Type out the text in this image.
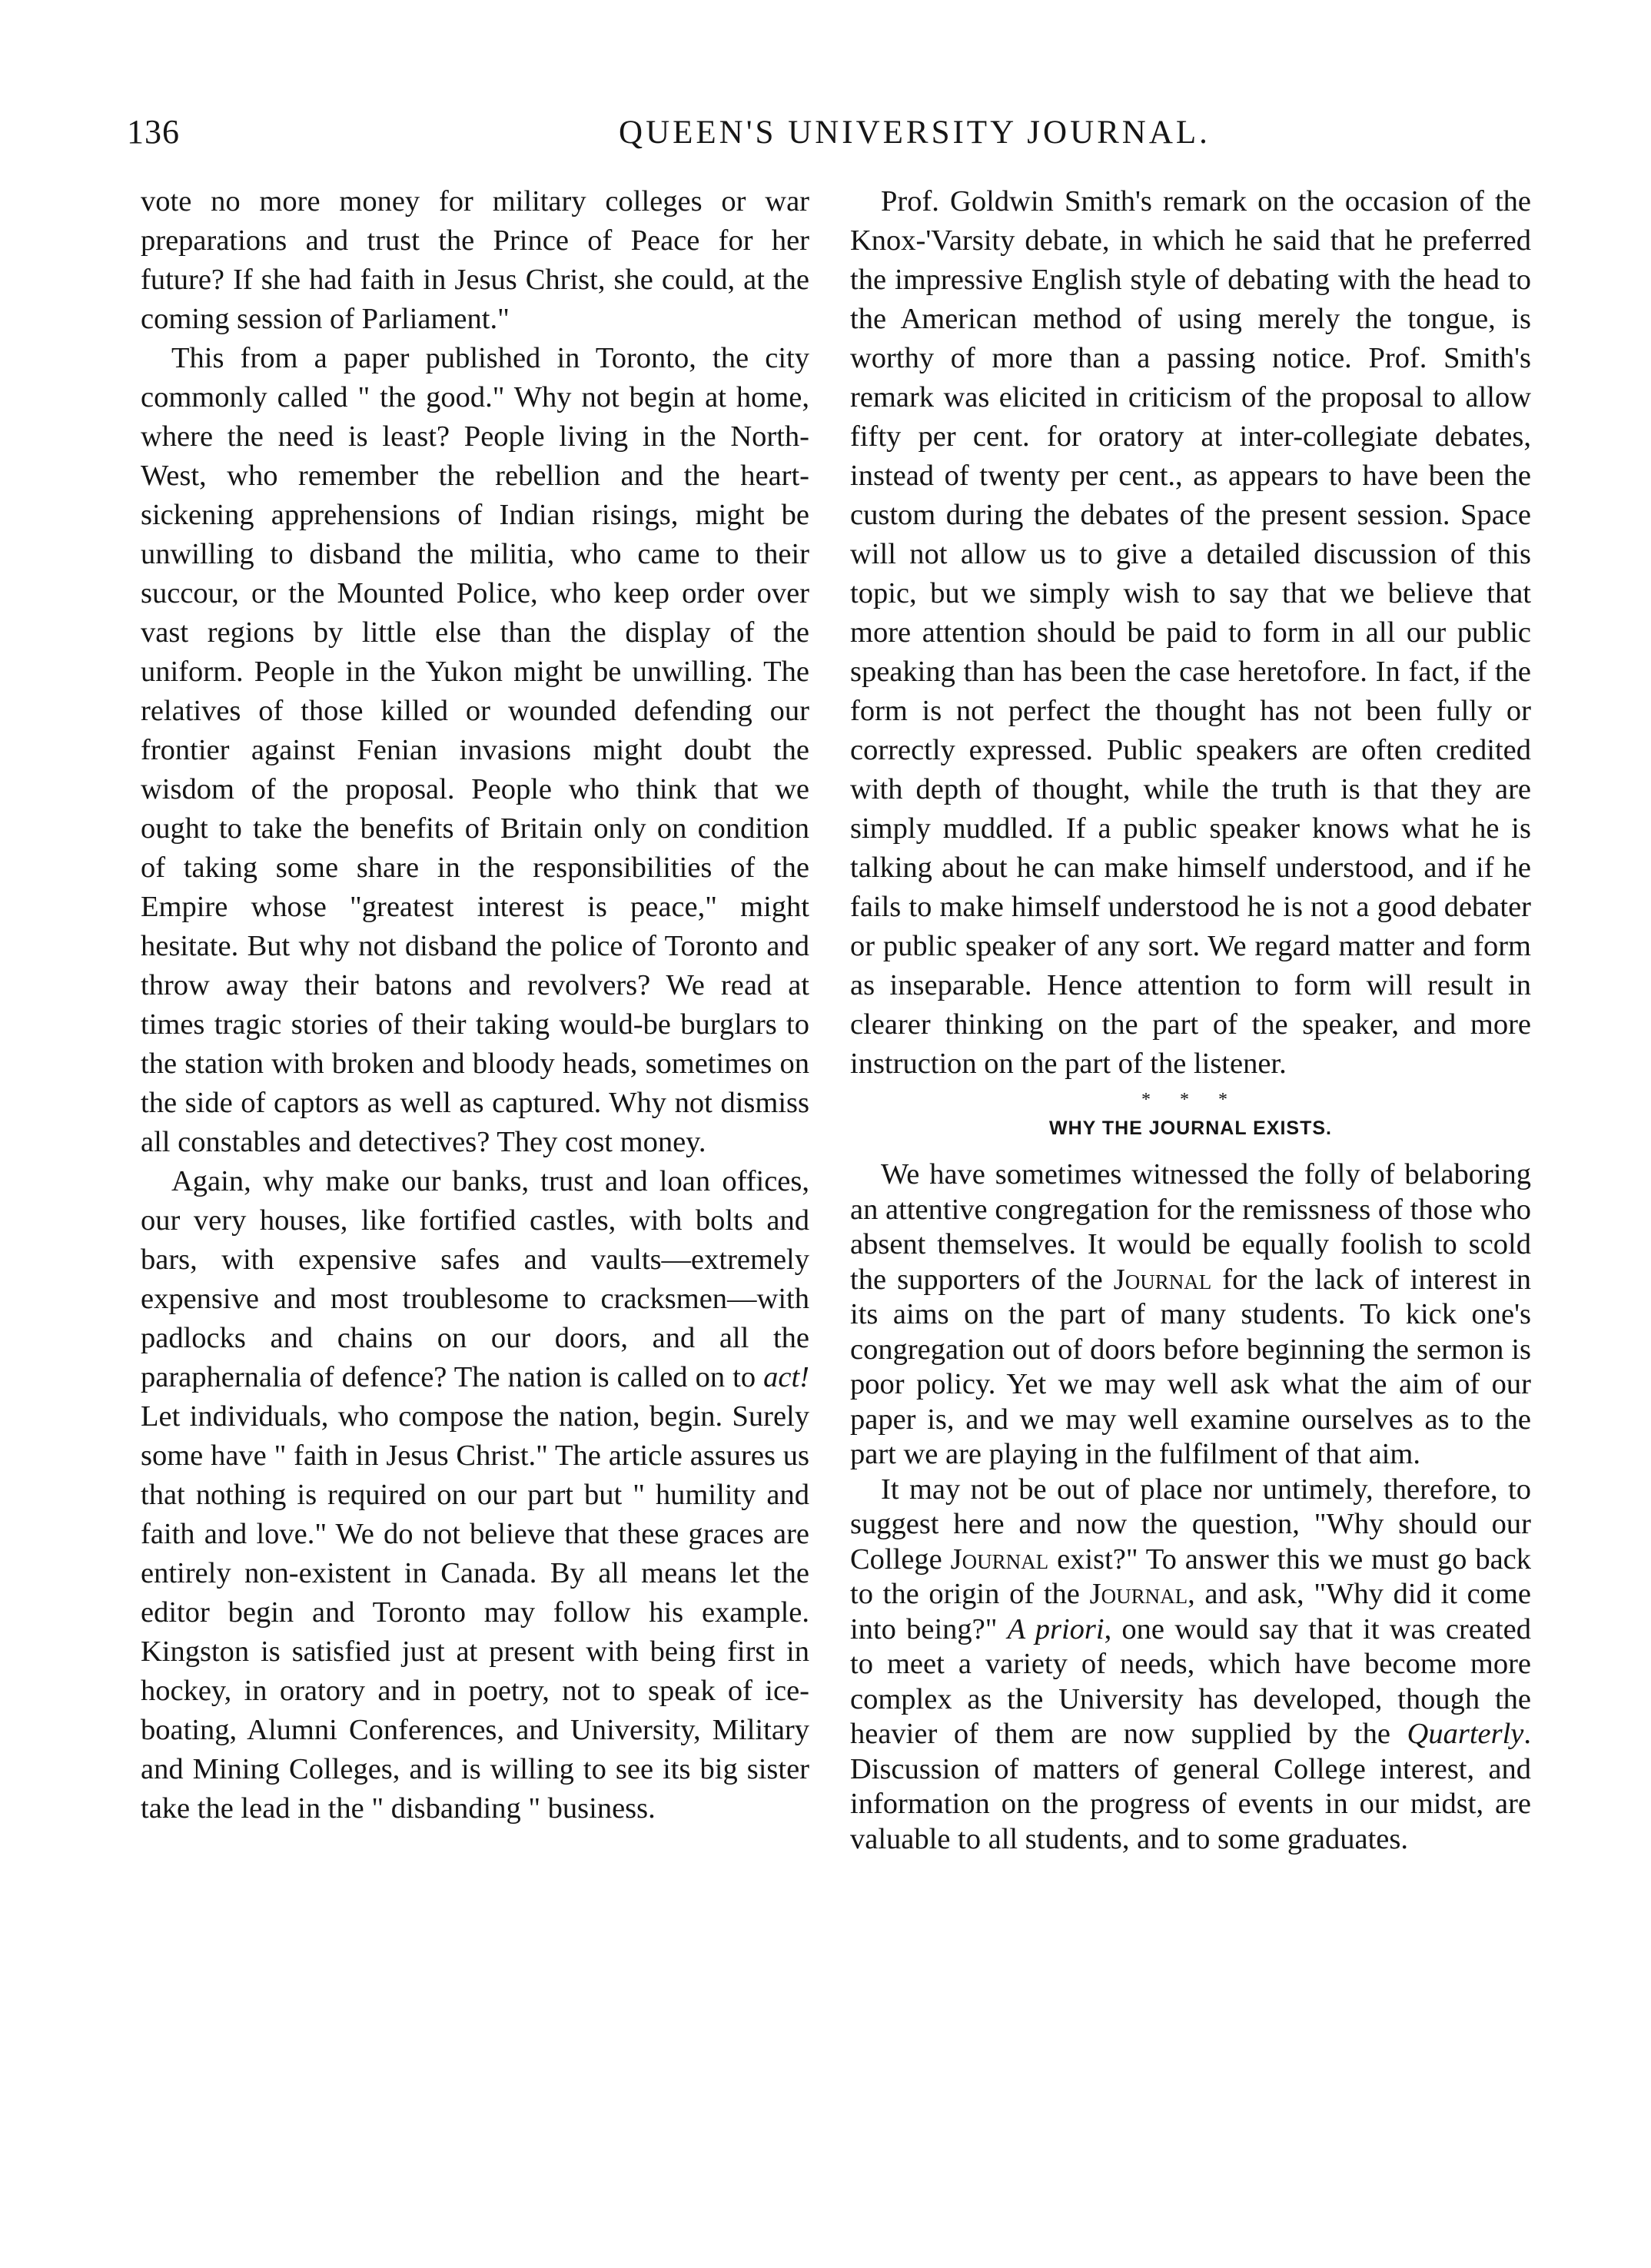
136	QUEEN'S UNIVERSITY JOURNAL.

vote no more money for military colleges or war preparations and trust the Prince of Peace for her future? If she had faith in Jesus Christ, she could, at the coming session of Parliament."

This from a paper published in Toronto, the city commonly called " the good." Why not begin at home, where the need is least? People living in the North-West, who remember the rebellion and the heart-sickening apprehensions of Indian risings, might be unwilling to disband the militia, who came to their succour, or the Mounted Police, who keep order over vast regions by little else than the display of the uniform. People in the Yukon might be unwilling. The relatives of those killed or wounded defending our frontier against Fenian invasions might doubt the wisdom of the proposal. People who think that we ought to take the benefits of Britain only on condition of taking some share in the responsibilities of the Empire whose "greatest interest is peace," might hesitate. But why not disband the police of Toronto and throw away their batons and revolvers? We read at times tragic stories of their taking would-be burglars to the station with broken and bloody heads, sometimes on the side of captors as well as captured. Why not dismiss all constables and detectives? They cost money.

Again, why make our banks, trust and loan offices, our very houses, like fortified castles, with bolts and bars, with expensive safes and vaults—extremely expensive and most troublesome to cracksmen—with padlocks and chains on our doors, and all the paraphernalia of defence? The nation is called on to act! Let individuals, who compose the nation, begin. Surely some have " faith in Jesus Christ." The article assures us that nothing is required on our part but " humility and faith and love." We do not believe that these graces are entirely non-existent in Canada. By all means let the editor begin and Toronto may follow his example. Kingston is satisfied just at present with being first in hockey, in oratory and in poetry, not to speak of ice-boating, Alumni Conferences, and University, Military and Mining Colleges, and is willing to see its big sister take the lead in the " disbanding " business.

Prof. Goldwin Smith's remark on the occasion of the Knox-'Varsity debate, in which he said that he preferred the impressive English style of debating with the head to the American method of using merely the tongue, is worthy of more than a passing notice. Prof. Smith's remark was elicited in criticism of the proposal to allow fifty per cent. for oratory at inter-collegiate debates, instead of twenty per cent., as appears to have been the custom during the debates of the present session. Space will not allow us to give a detailed discussion of this topic, but we simply wish to say that we believe that more attention should be paid to form in all our public speaking than has been the case heretofore. In fact, if the form is not perfect the thought has not been fully or correctly expressed. Public speakers are often credited with depth of thought, while the truth is that they are simply muddled. If a public speaker knows what he is talking about he can make himself understood, and if he fails to make himself understood he is not a good debater or public speaker of any sort. We regard matter and form as inseparable. Hence attention to form will result in clearer thinking on the part of the speaker, and more instruction on the part of the listener.

* * *
WHY THE JOURNAL EXISTS.

We have sometimes witnessed the folly of belaboring an attentive congregation for the remissness of those who absent themselves. It would be equally foolish to scold the supporters of the Journal for the lack of interest in its aims on the part of many students. To kick one's congregation out of doors before beginning the sermon is poor policy. Yet we may well ask what the aim of our paper is, and we may well examine ourselves as to the part we are playing in the fulfilment of that aim.

It may not be out of place nor untimely, therefore, to suggest here and now the question, "Why should our College Journal exist?" To answer this we must go back to the origin of the Journal, and ask, "Why did it come into being?" A priori, one would say that it was created to meet a variety of needs, which have become more complex as the University has developed, though the heavier of them are now supplied by the Quarterly. Discussion of matters of general College interest, and information on the progress of events in our midst, are valuable to all students, and to some graduates.
